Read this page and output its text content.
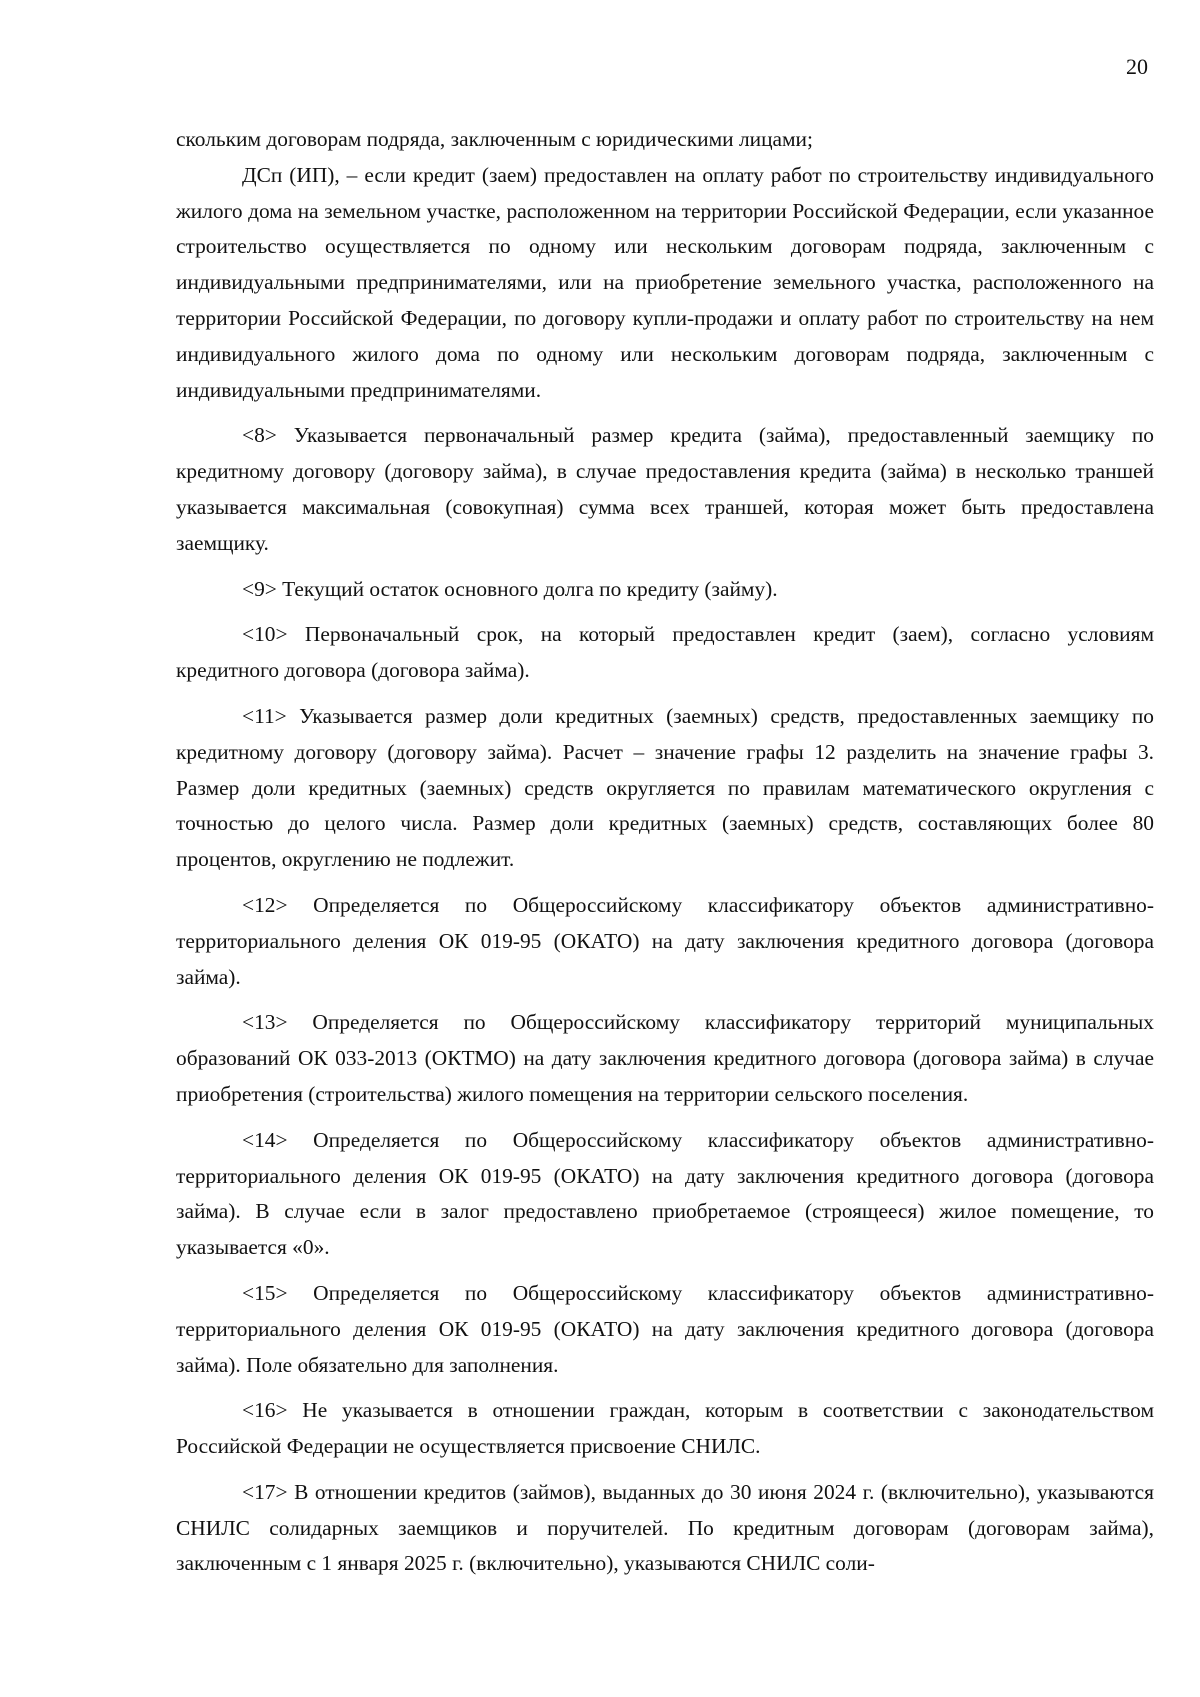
20

скольким договорам подряда, заключенным с юридическими лицами;

ДСп (ИП), – если кредит (заем) предоставлен на оплату работ по строительству индивидуального жилого дома на земельном участке, расположенном на территории Российской Федерации, если указанное строительство осуществляется по одному или нескольким договорам подряда, заключенным с индивидуальными предпринимателями, или на приобретение земельного участка, расположенного на территории Российской Федерации, по договору купли-продажи и оплату работ по строительству на нем индивидуального жилого дома по одному или нескольким договорам подряда, заключенным с индивидуальными предпринимателями.

<8> Указывается первоначальный размер кредита (займа), предоставленный заемщику по кредитному договору (договору займа), в случае предоставления кредита (займа) в несколько траншей указывается максимальная (совокупная) сумма всех траншей, которая может быть предоставлена заемщику.

<9> Текущий остаток основного долга по кредиту (займу).

<10> Первоначальный срок, на который предоставлен кредит (заем), согласно условиям кредитного договора (договора займа).

<11> Указывается размер доли кредитных (заемных) средств, предоставленных заемщику по кредитному договору (договору займа). Расчет – значение графы 12 разделить на значение графы 3. Размер доли кредитных (заемных) средств округляется по правилам математического округления с точностью до целого числа. Размер доли кредитных (заемных) средств, составляющих более 80 процентов, округлению не подлежит.

<12> Определяется по Общероссийскому классификатору объектов административно-территориального деления ОК 019-95 (ОКАТО) на дату заключения кредитного договора (договора займа).

<13> Определяется по Общероссийскому классификатору территорий муниципальных образований ОК 033-2013 (ОКТМО) на дату заключения кредитного договора (договора займа) в случае приобретения (строительства) жилого помещения на территории сельского поселения.

<14> Определяется по Общероссийскому классификатору объектов административно-территориального деления ОК 019-95 (ОКАТО) на дату заключения кредитного договора (договора займа). В случае если в залог предоставлено приобретаемое (строящееся) жилое помещение, то указывается «0».

<15> Определяется по Общероссийскому классификатору объектов административно-территориального деления ОК 019-95 (ОКАТО) на дату заключения кредитного договора (договора займа). Поле обязательно для заполнения.

<16> Не указывается в отношении граждан, которым в соответствии с законодательством Российской Федерации не осуществляется присвоение СНИЛС.

<17> В отношении кредитов (займов), выданных до 30 июня 2024 г. (включительно), указываются СНИЛС солидарных заемщиков и поручителей. По кредитным договорам (договорам займа), заключенным с 1 января 2025 г. (включительно), указываются СНИЛС соли-
